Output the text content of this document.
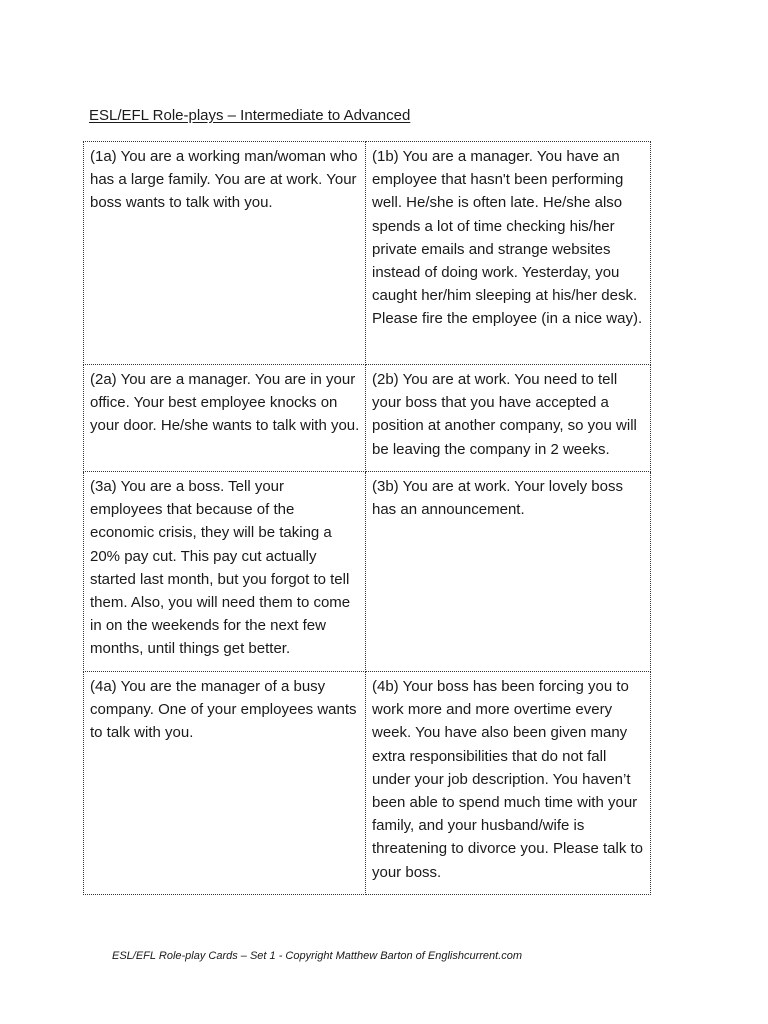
ESL/EFL Role-plays – Intermediate to Advanced
(1a) You are a working man/woman who has a large family. You are at work. Your boss wants to talk with you.	(1b) You are a manager. You have an employee that hasn't been performing well. He/she is often late. He/she also spends a lot of time checking his/her private emails and strange websites instead of doing work. Yesterday, you caught her/him sleeping at his/her desk. Please fire the employee (in a nice way).
(2a) You are a manager. You are in your office. Your best employee knocks on your door. He/she wants to talk with you.	(2b) You are at work. You need to tell your boss that you have accepted a position at another company, so you will be leaving the company in 2 weeks.
(3a) You are a boss. Tell your employees that because of the economic crisis, they will be taking a 20% pay cut. This pay cut actually started last month, but you forgot to tell them. Also, you will need them to come in on the weekends for the next few months, until things get better.	(3b) You are at work. Your lovely boss has an announcement.
(4a) You are the manager of a busy company. One of your employees wants to talk with you.	(4b) Your boss has been forcing you to work more and more overtime every week. You have also been given many extra responsibilities that do not fall under your job description. You haven’t been able to spend much time with your family, and your husband/wife is threatening to divorce you. Please talk to your boss.
ESL/EFL Role-play Cards – Set 1 - Copyright Matthew Barton of Englishcurrent.com
